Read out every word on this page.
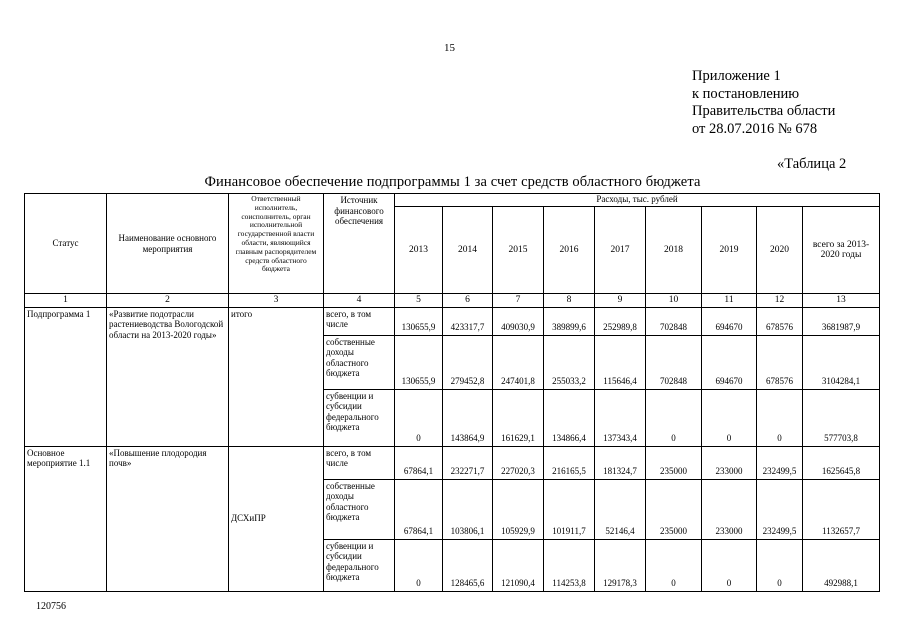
15
Приложение 1
к постановлению
Правительства области
от 28.07.2016 № 678
«Таблица 2
Финансовое обеспечение подпрограммы 1 за счет средств областного бюджета
Статус	Наименование основного мероприятия	Ответственный исполнитель, соисполнитель, орган исполнительной государственной власти области, являющийся главным распорядителем средств областного бюджета	Источник финансового обеспечения	Расходы, тыс. рублей								
				2013	2014	2015	2016	2017	2018	2019	2020	всего за 2013-2020 годы
1	2	3	4	5	6	7	8	9	10	11	12	13
Подпрограмма 1	«Развитие подотрасли растениеводства Вологодской области на 2013-2020 годы»	итого	всего, в том числе	130655,9	423317,7	409030,9	389899,6	252989,8	702848	694670	678576	3681987,9
			собственные доходы областного бюджета	130655,9	279452,8	247401,8	255033,2	115646,4	702848	694670	678576	3104284,1
			субвенции и субсидии федерального бюджета	0	143864,9	161629,1	134866,4	137343,4	0	0	0	577703,8
Основное мероприятие 1.1	«Повышение плодородия почв»	ДСХиПР	всего, в том числе	67864,1	232271,7	227020,3	216165,5	181324,7	235000	233000	232499,5	1625645,8
			собственные доходы областного бюджета	67864,1	103806,1	105929,9	101911,7	52146,4	235000	233000	232499,5	1132657,7
			субвенции и субсидии федерального бюджета	0	128465,6	121090,4	114253,8	129178,3	0	0	0	492988,1
120756
